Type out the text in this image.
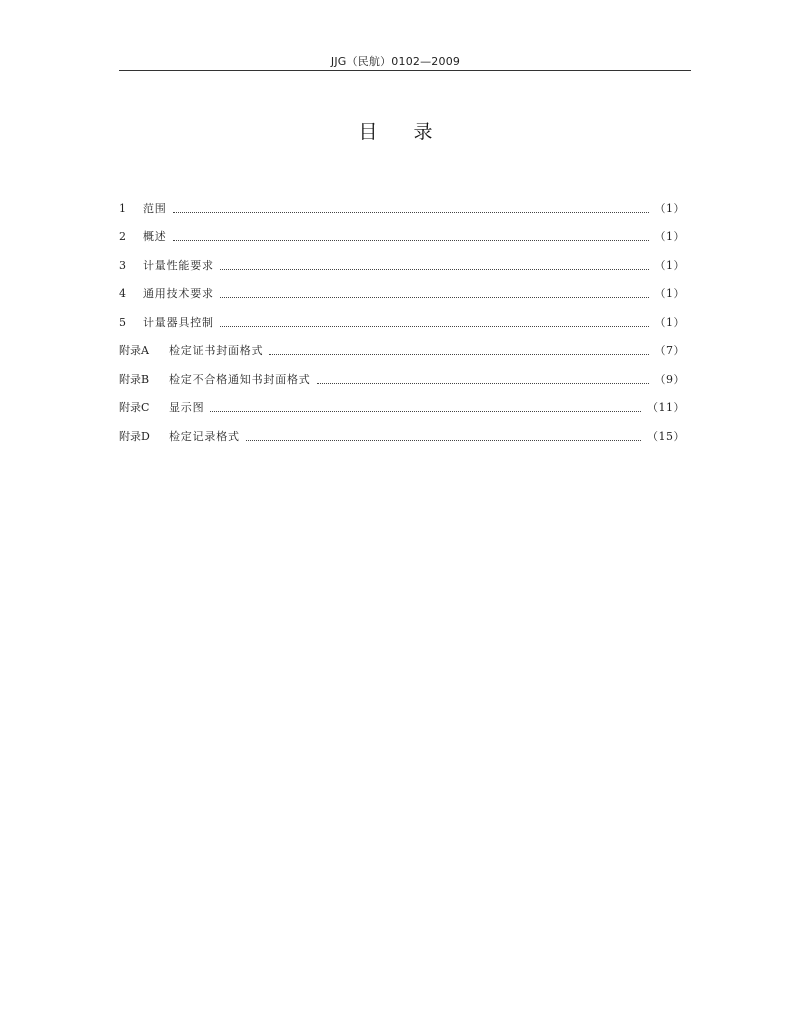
JJG（民航）0102—2009
目录
1	范围	（1）
2	概述	（1）
3	计量性能要求	（1）
4	通用技术要求	（1）
5	计量器具控制	（1）
附录A	检定证书封面格式	（7）
附录B	检定不合格通知书封面格式	（9）
附录C	显示图	（11）
附录D	检定记录格式	（15）
